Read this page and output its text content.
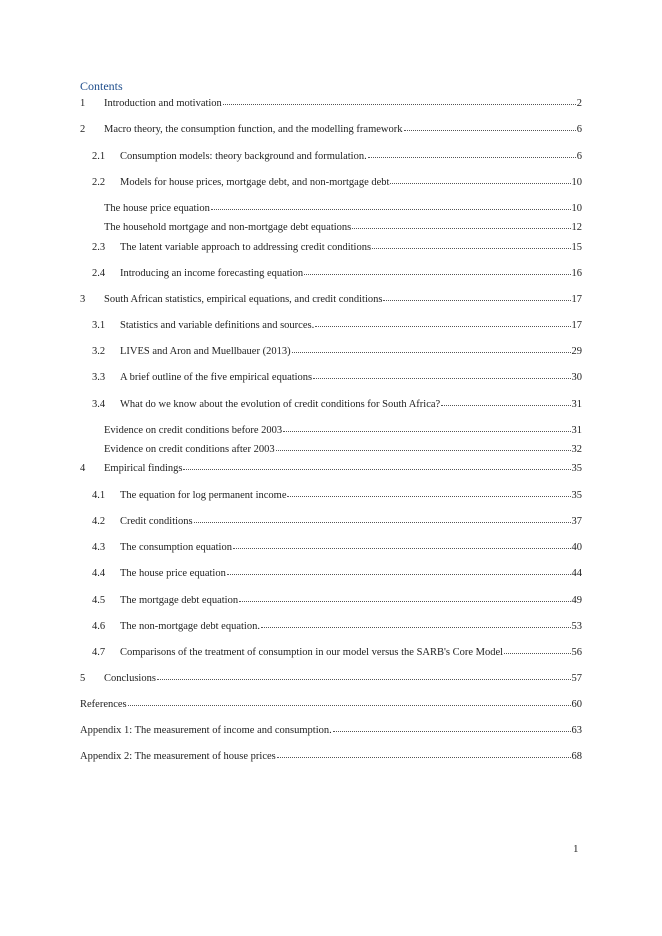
Contents
1	Introduction and motivation	2
2	Macro theory, the consumption function, and the modelling framework	6
2.1	Consumption models: theory background and formulation.	6
2.2	Models for house prices, mortgage debt, and non-mortgage debt	10
The house price equation	10
The household mortgage and non-mortgage debt equations	12
2.3	The latent variable approach to addressing credit conditions	15
2.4	Introducing an income forecasting equation	16
3	South African statistics, empirical equations, and credit conditions	17
3.1	Statistics and variable definitions and sources.	17
3.2	LIVES and Aron and Muellbauer (2013)	29
3.3	A brief outline of the five empirical equations	30
3.4	What do we know about the evolution of credit conditions for South Africa?	31
Evidence on credit conditions before 2003	31
Evidence on credit conditions after 2003	32
4	Empirical findings	35
4.1	The equation for log permanent income	35
4.2	Credit conditions	37
4.3	The consumption equation	40
4.4	The house price equation	44
4.5	The mortgage debt equation	49
4.6	The non-mortgage debt equation.	53
4.7	Comparisons of the treatment of consumption in our model versus the SARB's Core Model	56
5	Conclusions	57
References	60
Appendix 1: The measurement of income and consumption.	63
Appendix 2: The measurement of house prices	68
1
